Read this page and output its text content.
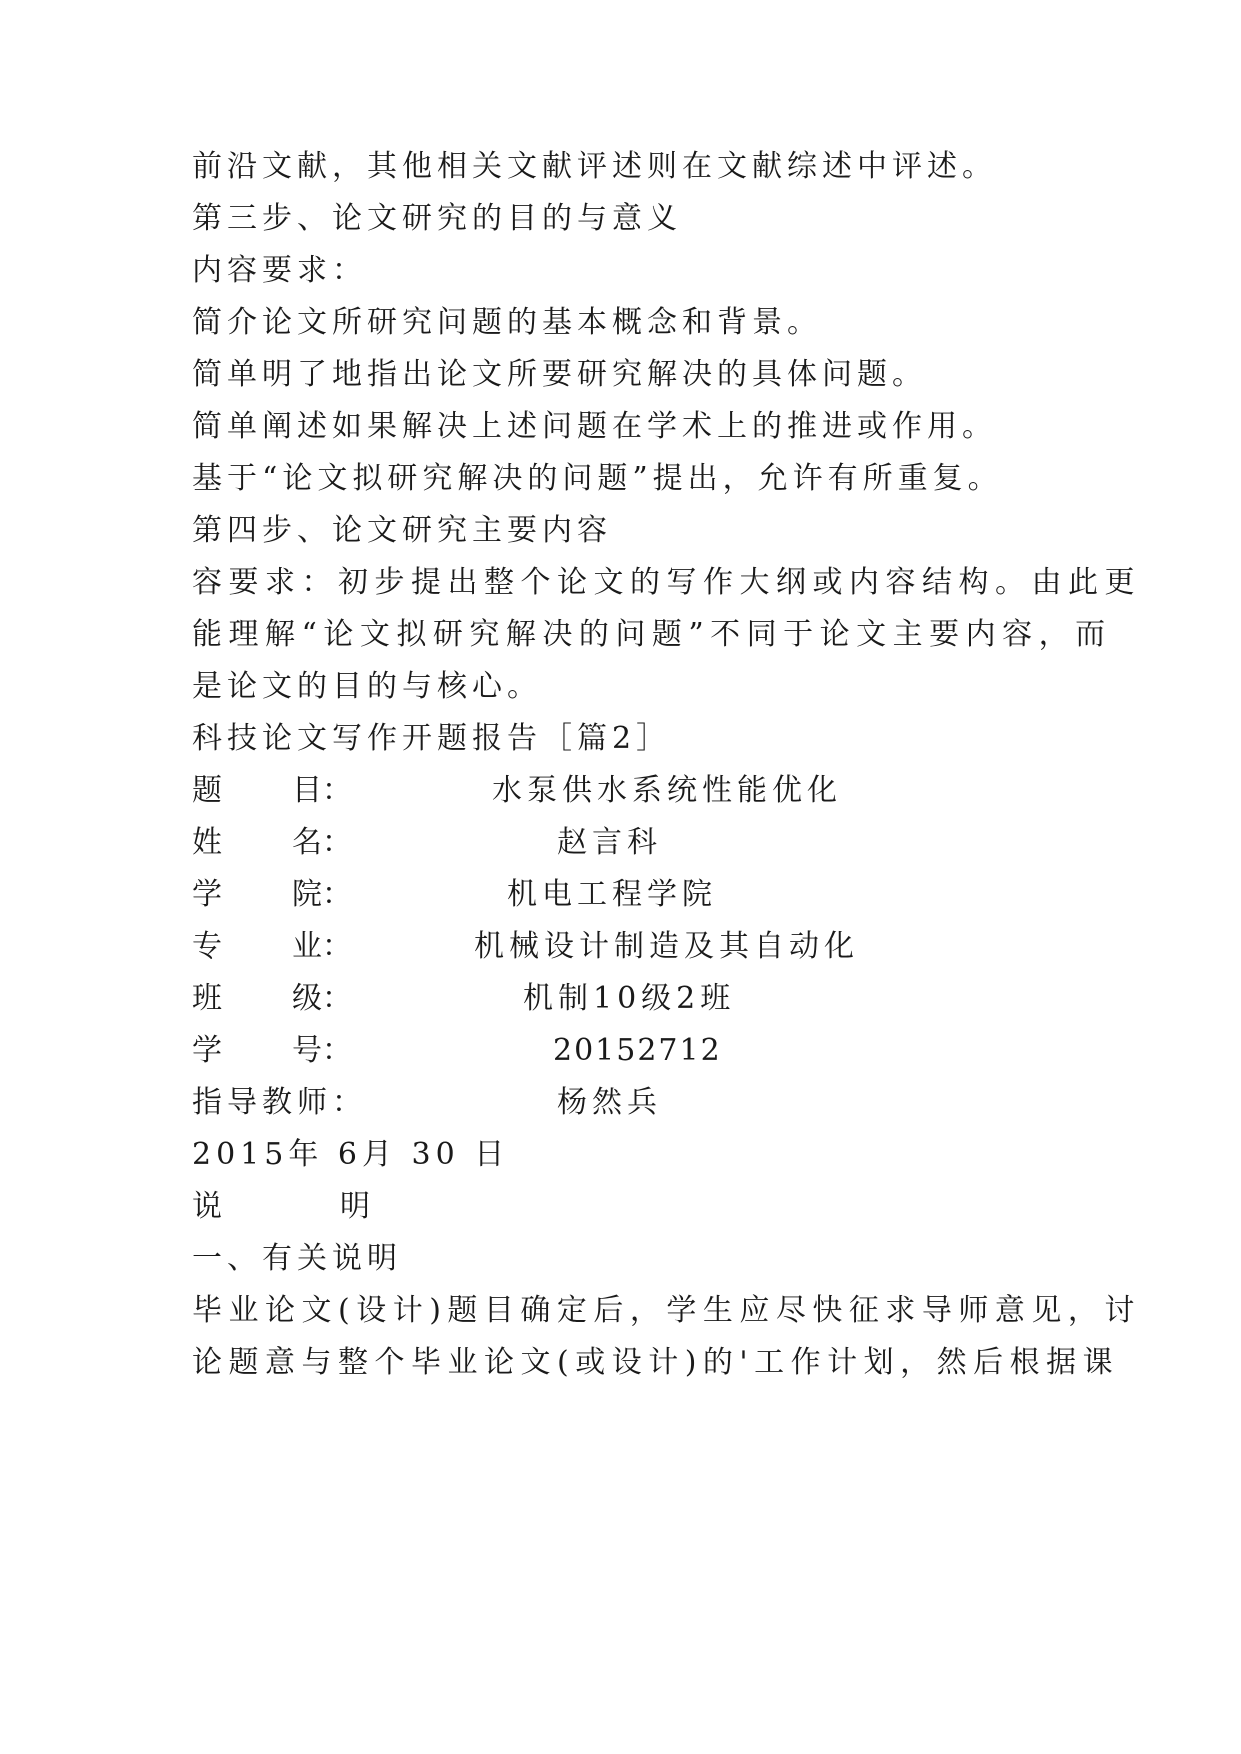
前沿文献，其他相关文献评述则在文献综述中评述。
第三步、论文研究的目的与意义
内容要求：
简介论文所研究问题的基本概念和背景。
简单明了地指出论文所要研究解决的具体问题。
简单阐述如果解决上述问题在学术上的推进或作用。
基于“论文拟研究解决的问题”提出，允许有所重复。
第四步、论文研究主要内容
容要求：初步提出整个论文的写作大纲或内容结构。由此更
能理解“论文拟研究解决的问题”不同于论文主要内容，而
是论文的目的与核心。
科技论文写作开题报告［篇2］
题 目：	水泵供水系统性能优化
姓 名：	赵言科
学 院：	机电工程学院
专 业：	机械设计制造及其自动化
班 级：	机制10级2班
学 号：	20152712
指导教师：	杨然兵
2015年 6月 30 日
说	明
一、有关说明
毕业论文(设计)题目确定后，学生应尽快征求导师意见，讨
论题意与整个毕业论文(或设计)的'工作计划，然后根据课
